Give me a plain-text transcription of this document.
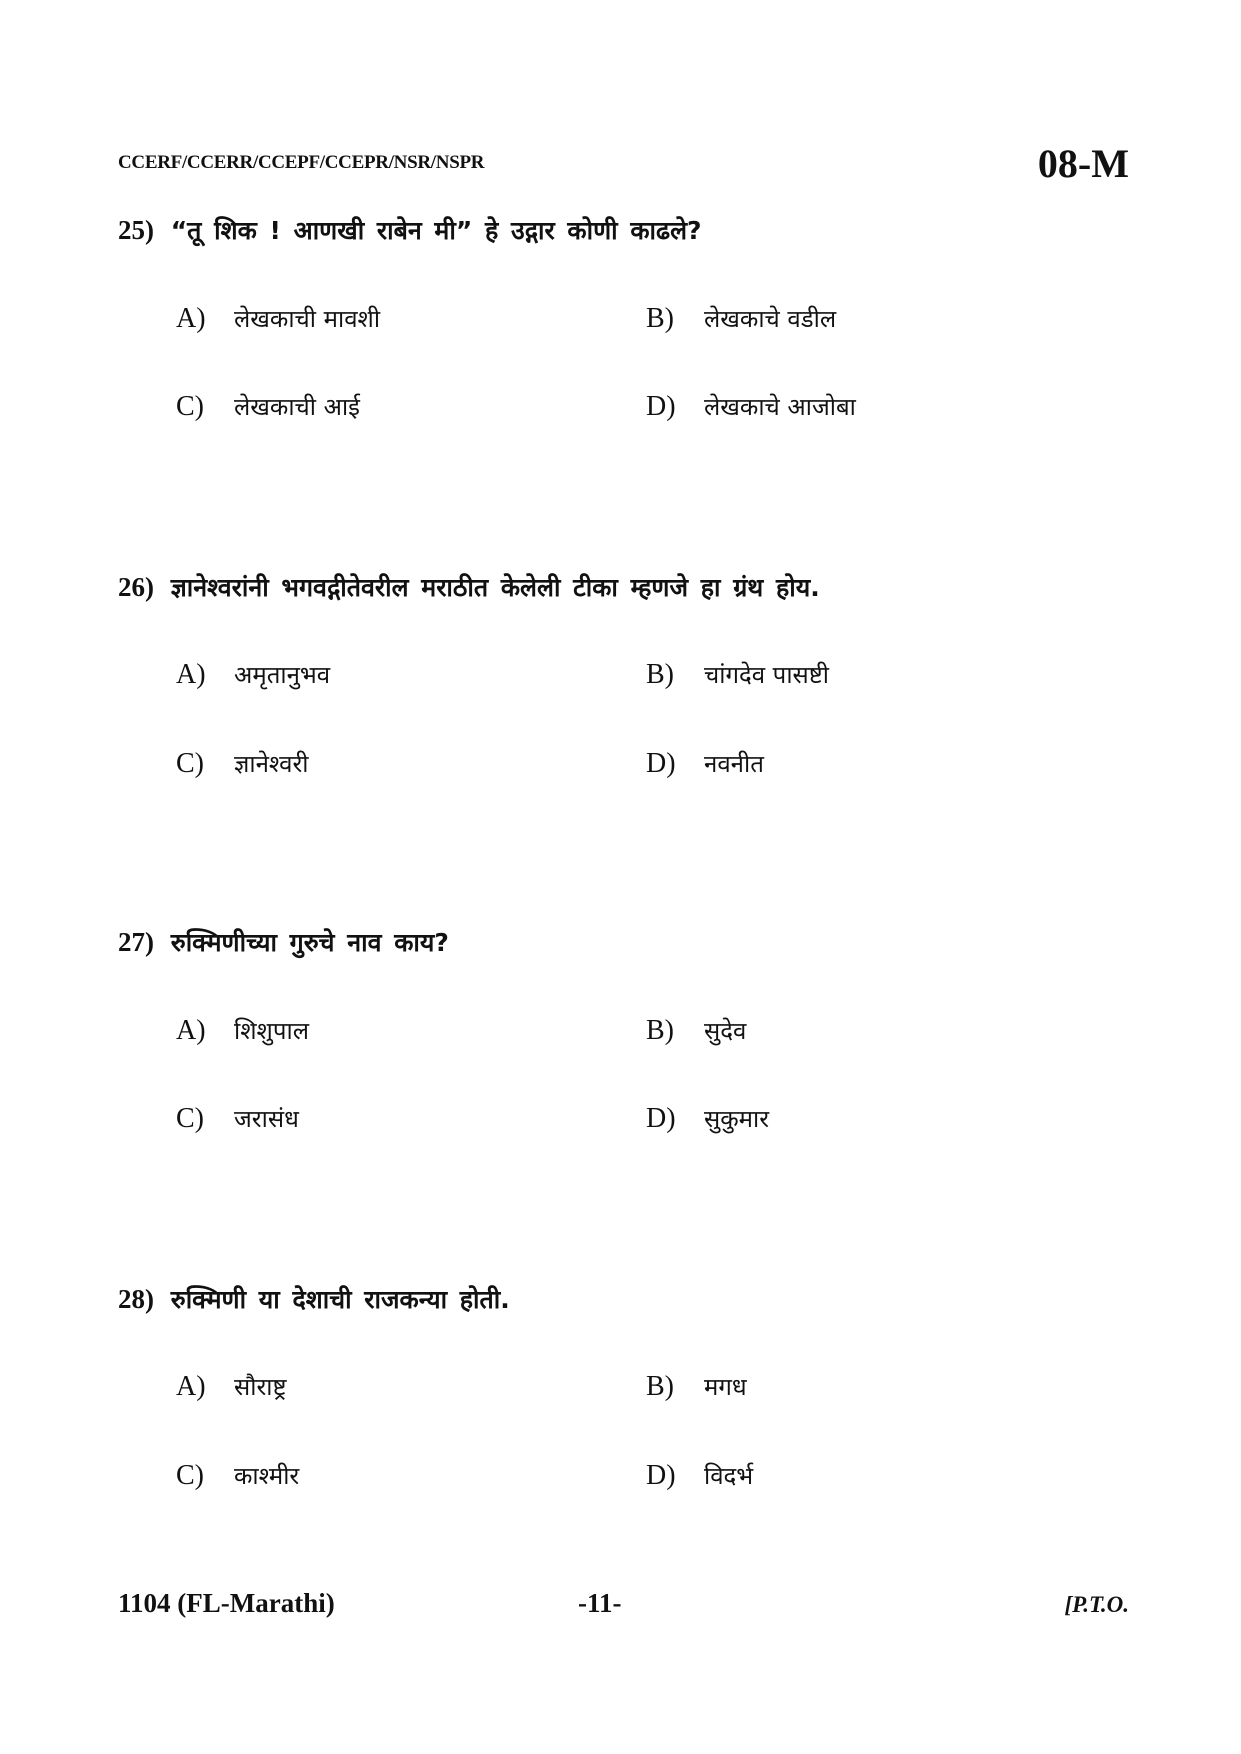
CCERF/CCERR/CCEPF/CCEPR/NSR/NSPR	08-M
25) “तू शिक ! आणखी राबेन मी” हे उद्गार कोणी काढले?
A) लेखकाची मावशी	B) लेखकाचे वडील
C) लेखकाची आई	D) लेखकाचे आजोबा
26) ज्ञानेश्वरांनी भगवद्गीतेवरील मराठीत केलेली टीका म्हणजे हा ग्रंथ होय.
A) अमृतानुभव	B) चांगदेव पासष्टी
C) ज्ञानेश्वरी	D) नवनीत
27) रुक्मिणीच्या गुरुचे नाव काय?
A) शिशुपाल	B) सुदेव
C) जरासंध	D) सुकुमार
28) रुक्मिणी या देशाची राजकन्या होती.
A) सौराष्ट्र	B) मगध
C) काश्मीर	D) विदर्भ
1104 (FL-Marathi)	-11-	[P.T.O.
